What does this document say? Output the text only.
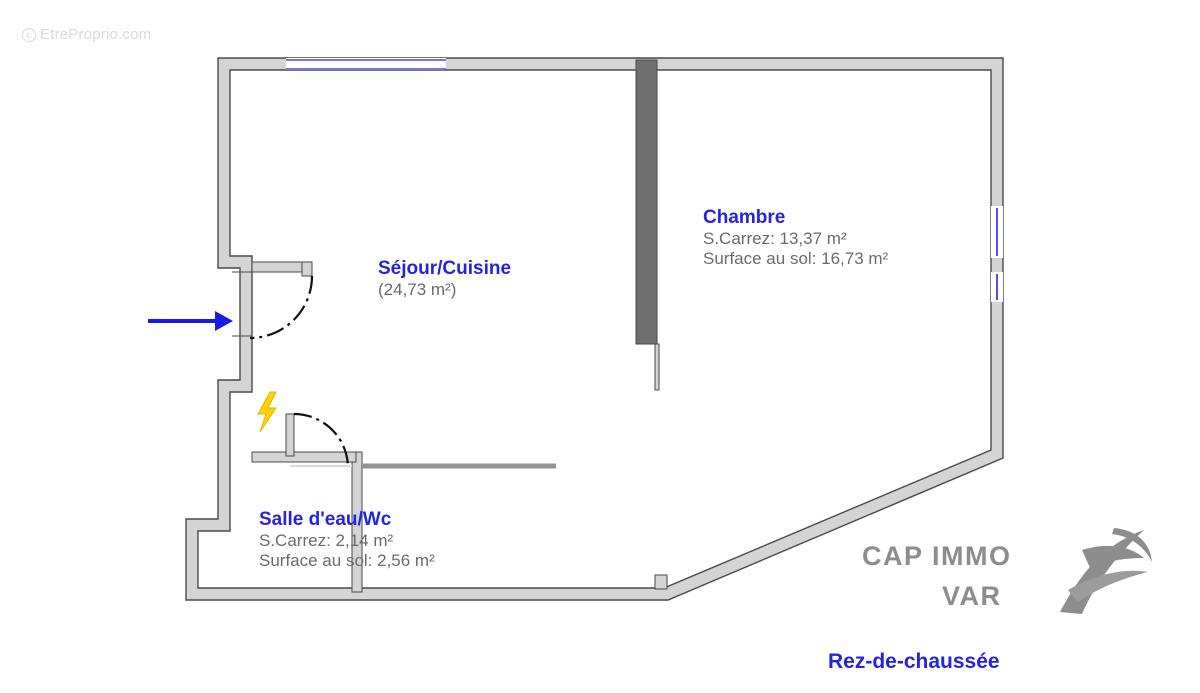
c EtreProprio.com
Séjour/Cuisine
(24,73 m²)
Chambre
S.Carrez: 13,37 m²
Surface au sol: 16,73 m²
Salle d'eau/Wc
S.Carrez: 2,14 m²
Surface au sol: 2,56 m²
Rez-de-chaussée
CAP IMMO
VAR
